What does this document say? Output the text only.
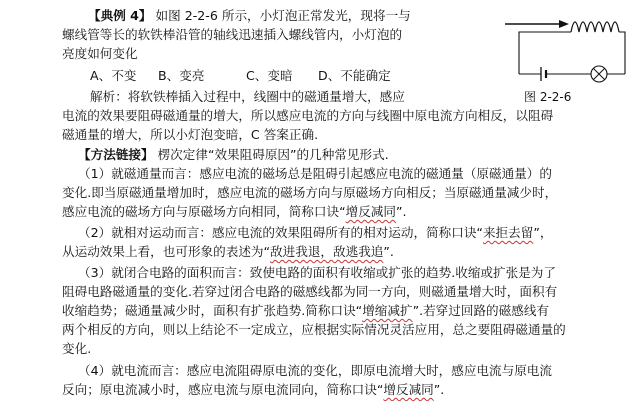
【典例 4】 如图 2-2-6 所示，小灯泡正常发光，现将一与
螺线管等长的软铁棒沿管的轴线迅速插入螺线管内，小灯泡的
亮度如何变化
A、不变 B、变亮	C、变暗 D、不能确定
解析：将软铁棒插入过程中，线圈中的磁通量增大，感应
电流的效果要阻碍磁通量的增大，所以感应电流的方向与线圈中原电流方向相反，以阻碍
磁通量的增大，所以小灯泡变暗，C 答案正确.
图 2-2-6
【方法链接】 楞次定律“效果阻碍原因”的几种常见形式.
（1）就磁通量而言：感应电流的磁场总是阻碍引起感应电流的磁通量（原磁通量）的
变化.即当原磁通量增加时，感应电流的磁场方向与原磁场方向相反；当原磁通量减少时，
感应电流的磁场方向与原磁场方向相同，简称口诀“增反减同”.
（2）就相对运动而言：感应电流的效果阻碍所有的相对运动，简称口诀“来拒去留”，
从运动效果上看，也可形象的表述为“敌进我退，敌逃我追”.
（3）就闭合电路的面积而言：致使电路的面积有收缩或扩张的趋势.收缩或扩张是为了
阻碍电路磁通量的变化.若穿过闭合电路的磁感线都为同一方向，则磁通量增大时，面积有
收缩趋势；磁通量减少时，面积有扩张趋势.简称口诀“增缩减扩”.若穿过回路的磁感线有
两个相反的方向，则以上结论不一定成立，应根据实际情况灵活应用，总之要阻碍磁通量的
变化.
（4）就电流而言：感应电流阻碍原电流的变化，即原电流增大时，感应电流与原电流
反向；原电流减小时，感应电流与原电流同向，简称口诀“增反减同”.
